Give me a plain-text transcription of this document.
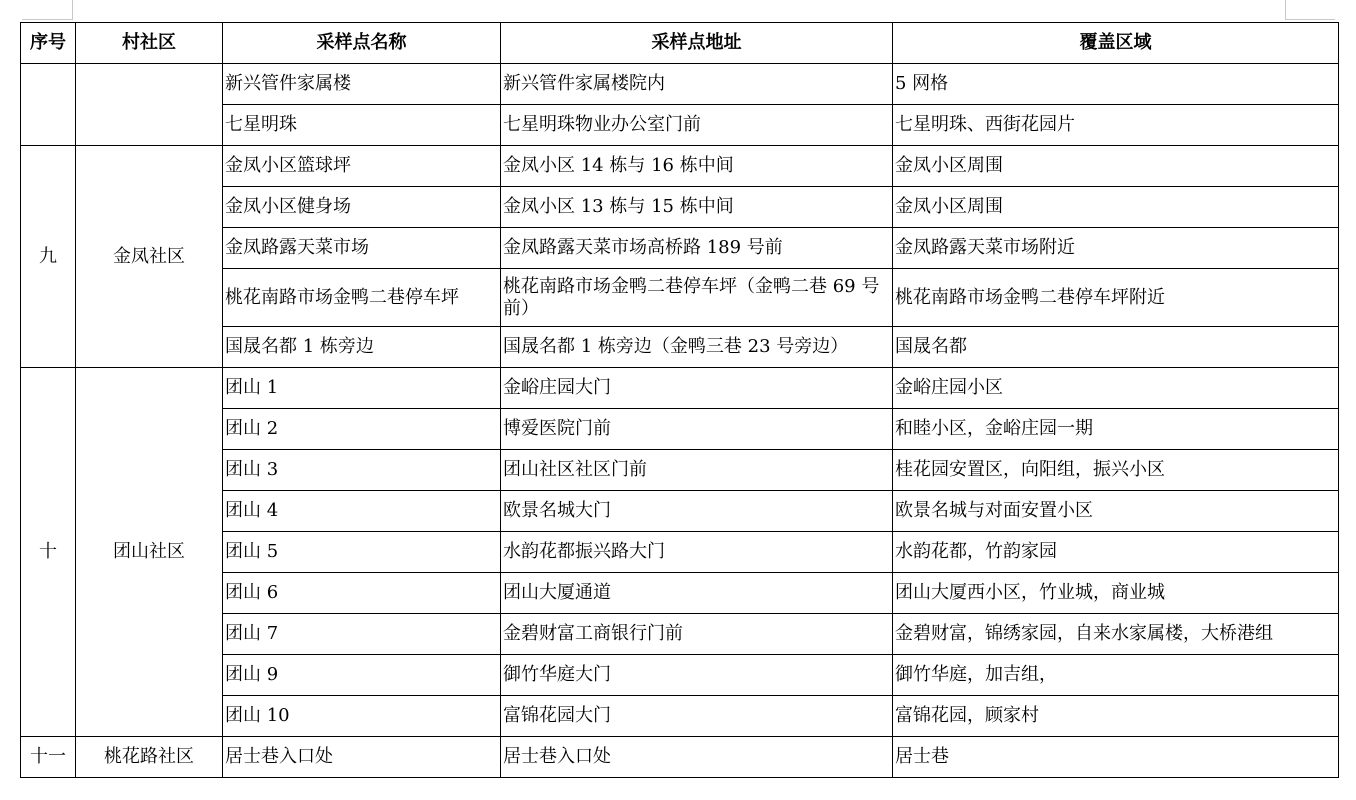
序号	村社区	采样点名称	采样点地址	覆盖区域
		新兴管件家属楼	新兴管件家属楼院内	5 网格
		七星明珠	七星明珠物业办公室门前	七星明珠、西街花园片
九	金凤社区	金凤小区篮球坪	金凤小区 14 栋与 16 栋中间	金凤小区周围
		金凤小区健身场	金凤小区 13 栋与 15 栋中间	金凤小区周围
		金凤路露天菜市场	金凤路露天菜市场高桥路 189 号前	金凤路露天菜市场附近
		桃花南路市场金鸭二巷停车坪	桃花南路市场金鸭二巷停车坪（金鸭二巷 69 号前）	桃花南路市场金鸭二巷停车坪附近
		国晟名都 1 栋旁边	国晟名都 1 栋旁边（金鸭三巷 23 号旁边）	国晟名都
十	团山社区	团山 1	金峪庄园大门	金峪庄园小区
		团山 2	博爱医院门前	和睦小区，金峪庄园一期
		团山 3	团山社区社区门前	桂花园安置区，向阳组，振兴小区
		团山 4	欧景名城大门	欧景名城与对面安置小区
		团山 5	水韵花都振兴路大门	水韵花都，竹韵家园
		团山 6	团山大厦通道	团山大厦西小区，竹业城，商业城
		团山 7	金碧财富工商银行门前	金碧财富，锦绣家园，自来水家属楼，大桥港组
		团山 9	御竹华庭大门	御竹华庭，加吉组，
		团山 10	富锦花园大门	富锦花园，顾家村
十一	桃花路社区	居士巷入口处	居士巷入口处	居士巷
